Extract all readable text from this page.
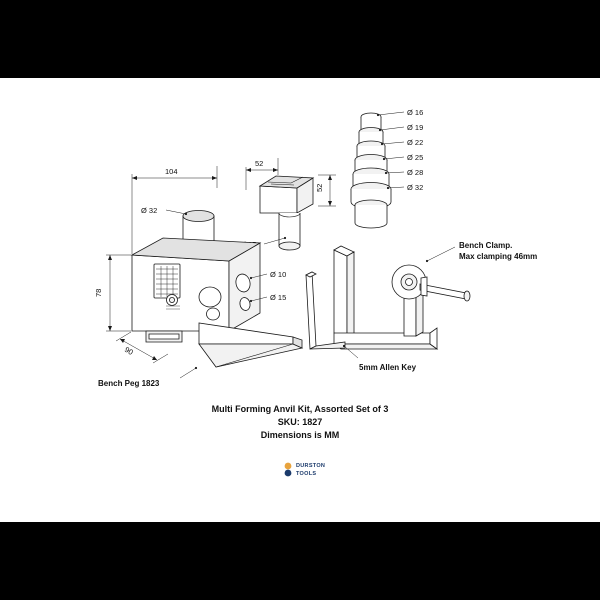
Ø 16
Ø 19
Ø 22
Ø 25
Ø 28
Ø 32
Bench Clamp.
Max clamping 46mm
52
52
Ø 10
Ø 15
Ø 32
104
78
90
Bench Peg 1823
5mm Allen Key
Multi Forming Anvil Kit, Assorted Set of 3
SKU: 1827
Dimensions is MM
DURSTON
TOOLS
